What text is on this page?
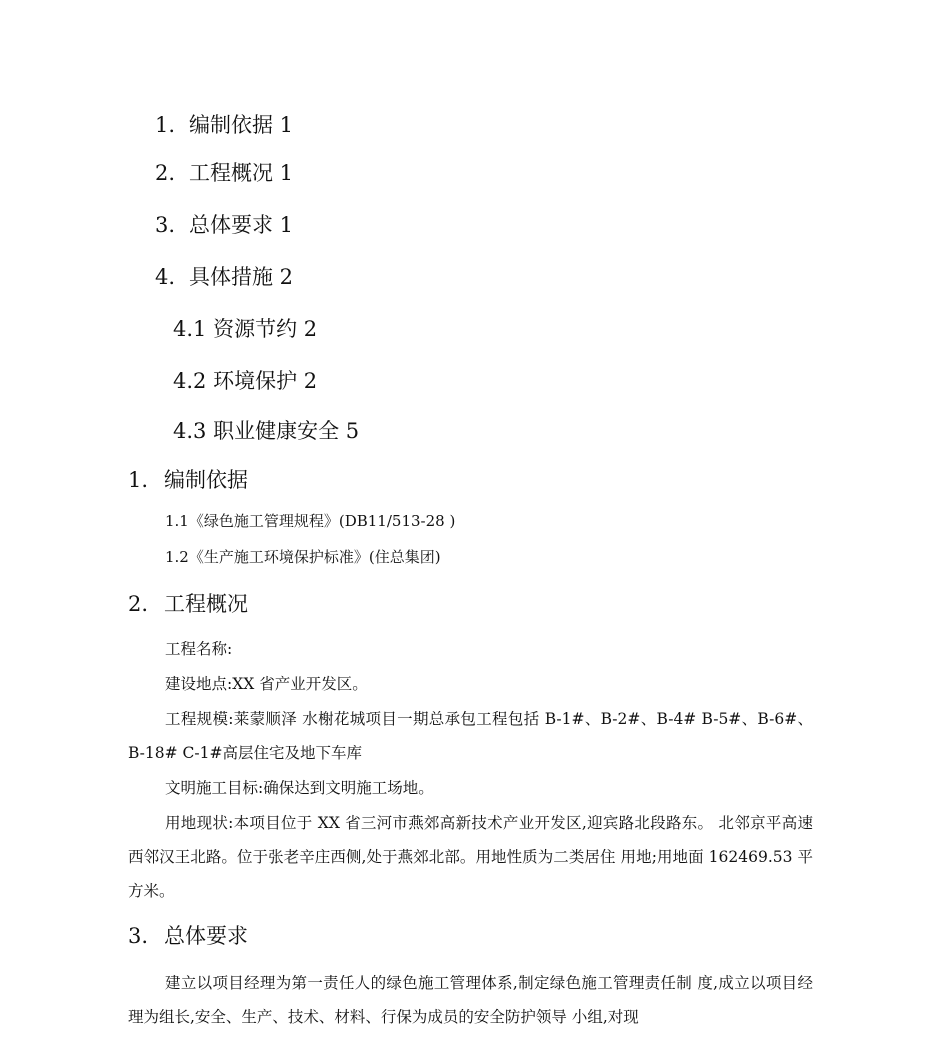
1. 编制依据 1
2. 工程概况 1
3. 总体要求 1
4. 具体措施 2
4.1 资源节约 2
4.2 环境保护 2
4.3 职业健康安全 5
1. 编制依据

1.1《绿色施工管理规程》(DB11/513-28 )

1.2《生产施工环境保护标准》(住总集团)

2. 工程概况

工程名称:

建设地点:XX 省产业开发区。

工程规模:莱蒙顺泽 水榭花城项目一期总承包工程包括 B-1#、B-2#、B-4# B-5#、B-6#、B-18# C-1#高层住宅及地下车库

文明施工目标:确保达到文明施工场地。

用地现状:本项目位于 XX 省三河市燕郊高新技术产业开发区,迎宾路北段路东。 北邻京平高速西邻汉王北路。位于张老辛庄西侧,处于燕郊北部。用地性质为二类居住 用地;用地面 162469.53 平方米。

3. 总体要求

建立以项目经理为第一责任人的绿色施工管理体系,制定绿色施工管理责任制 度,成立以项目经理为组长,安全、生产、技术、材料、行保为成员的安全防护领导 小组,对现
